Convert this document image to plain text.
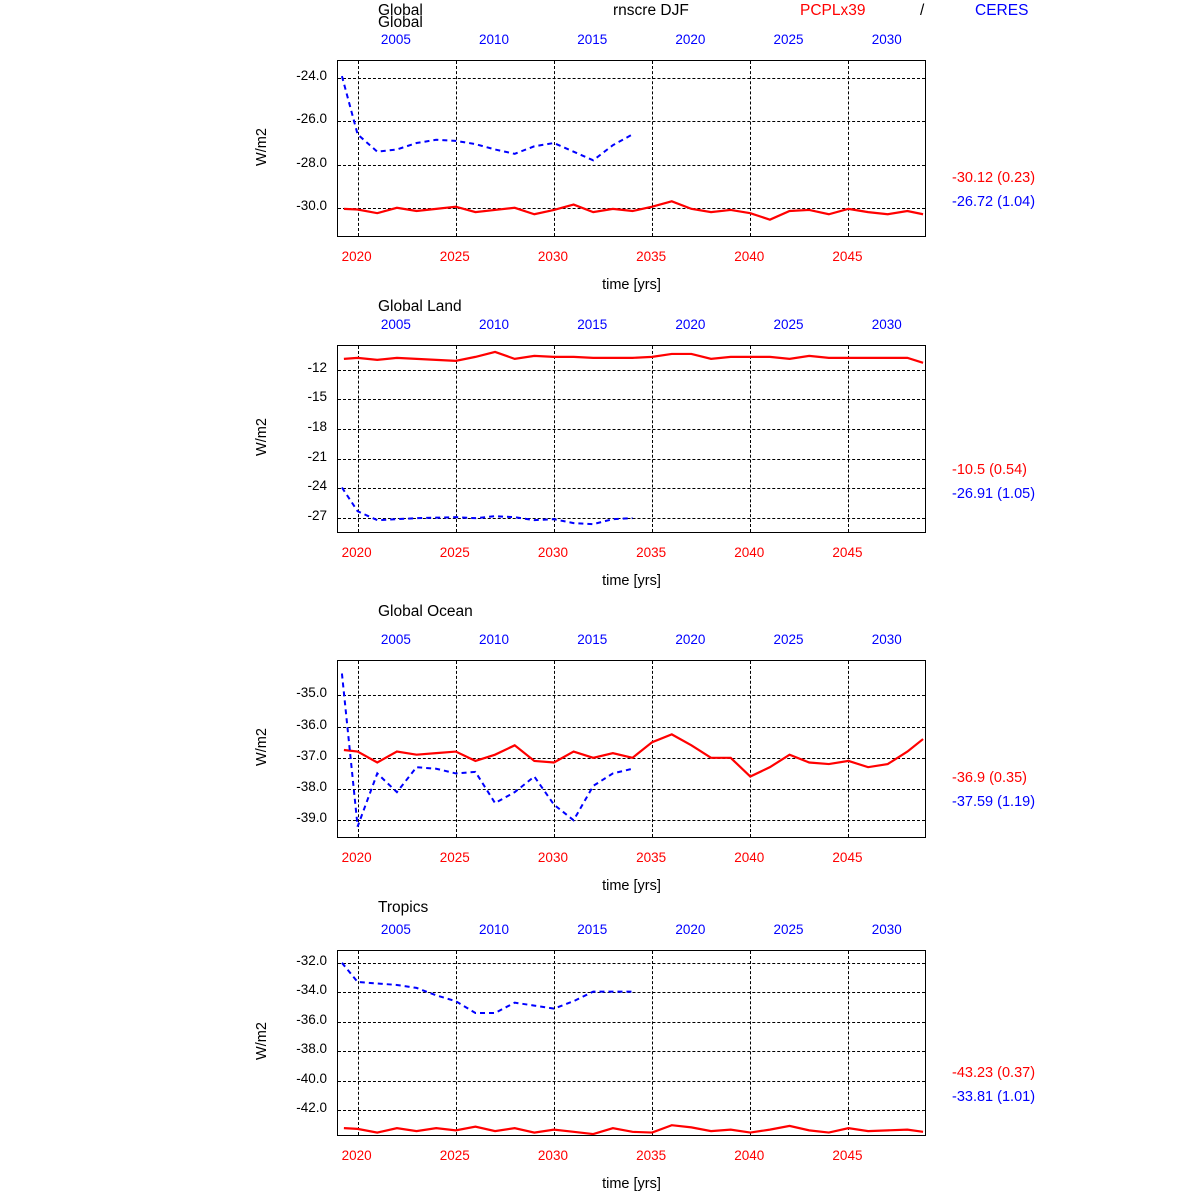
Global	rnscre DJF	PCPLx39	/	CERES
Global
-24.0
-26.0
-28.0
-30.0
2005	2010	2015	2020	2025	2030
2020	2025	2030	2035	2040	2045
W/m2
time [yrs]
-30.12 (0.23)
-26.72 (1.04)
Global Land
-12
-15
-18
-21
-24
-27
2005	2010	2015	2020	2025	2030
2020	2025	2030	2035	2040	2045
W/m2
time [yrs]
-10.5 (0.54)
-26.91 (1.05)
Global Ocean
-35.0
-36.0
-37.0
-38.0
-39.0
2005	2010	2015	2020	2025	2030
2020	2025	2030	2035	2040	2045
W/m2
time [yrs]
-36.9 (0.35)
-37.59 (1.19)
Tropics
-32.0
-34.0
-36.0
-38.0
-40.0
-42.0
2005	2010	2015	2020	2025	2030
2020	2025	2030	2035	2040	2045
W/m2
time [yrs]
-43.23 (0.37)
-33.81 (1.01)
